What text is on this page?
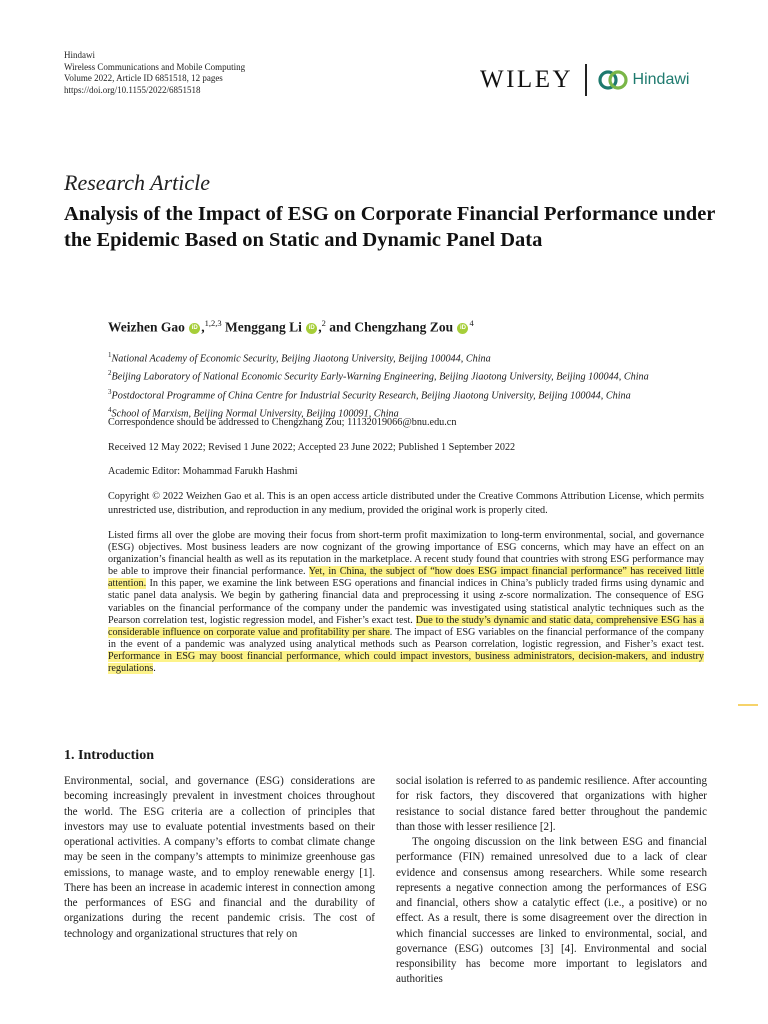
Hindawi
Wireless Communications and Mobile Computing
Volume 2022, Article ID 6851518, 12 pages
https://doi.org/10.1155/2022/6851518	WILEY	Hindawi
Research Article
Analysis of the Impact of ESG on Corporate Financial Performance under the Epidemic Based on Static and Dynamic Panel Data
Weizhen Gao iD ,$^{1,2,3}$ Menggang Li iD ,$^2$ and Chengzhang Zou iD $^4$
$^1$National Academy of Economic Security, Beijing Jiaotong University, Beijing 100044, China
$^2$Beijing Laboratory of National Economic Security Early-Warning Engineering, Beijing Jiaotong University, Beijing 100044, China
$^3$Postdoctoral Programme of China Centre for Industrial Security Research, Beijing Jiaotong University, Beijing 100044, China
$^4$School of Marxism, Beijing Normal University, Beijing 100091, China
Correspondence should be addressed to Chengzhang Zou; 11132019066@bnu.edu.cn
Received 12 May 2022; Revised 1 June 2022; Accepted 23 June 2022; Published 1 September 2022
Academic Editor: Mohammad Farukh Hashmi
Copyright © 2022 Weizhen Gao et al. This is an open access article distributed under the Creative Commons Attribution License, which permits unrestricted use, distribution, and reproduction in any medium, provided the original work is properly cited.
Listed firms all over the globe are moving their focus from short-term profit maximization to long-term environmental, social, and governance (ESG) objectives. Most business leaders are now cognizant of the growing importance of ESG concerns, which may have an effect on an organization’s financial health as well as its reputation in the marketplace. A recent study found that countries with strong ESG performance may be able to improve their financial performance. Yet, in China, the subject of “how does ESG impact financial performance” has received little attention. In this paper, we examine the link between ESG operations and financial indices in China’s publicly traded firms using dynamic and static panel data analysis. We begin by gathering financial data and preprocessing it using z-score normalization. The consequence of ESG variables on the financial performance of the company under the pandemic was investigated using statistical analytic techniques such as the Pearson correlation test, logistic regression model, and Fisher’s exact test. Due to the study’s dynamic and static data, comprehensive ESG has a considerable influence on corporate value and profitability per share. The impact of ESG variables on the financial performance of the company in the event of a pandemic was analyzed using analytical methods such as Pearson correlation, logistic regression, and Fisher’s exact test. Performance in ESG may boost financial performance, which could impact investors, business administrators, decision-makers, and industry regulations.
1. Introduction

Environmental, social, and governance (ESG) considerations are becoming increasingly prevalent in investment choices throughout the world. The ESG criteria are a collection of principles that investors may use to evaluate potential investments based on their operational activities. A company’s efforts to combat climate change may be seen in the company’s attempts to minimize greenhouse gas emissions, to manage waste, and to employ renewable energy [1]. There has been an increase in academic interest in connection among the performances of ESG and financial and the durability of organizations during the recent pandemic crisis. The cost of technology and organizational structures that rely on

social isolation is referred to as pandemic resilience. After accounting for risk factors, they discovered that organizations with higher resistance to social distance fared better throughout the pandemic than those with lesser resilience [2].

The ongoing discussion on the link between ESG and financial performance (FIN) remained unresolved due to a lack of clear evidence and consensus among researchers. While some research represents a negative connection among the performances of ESG and financial, others show a catalytic effect (i.e., a positive) or no effect. As a result, there is some disagreement over the direction in which financial successes are linked to environmental, social, and governance (ESG) outcomes [3] [4]. Environmental and social responsibility has become more important to legislators and authorities
